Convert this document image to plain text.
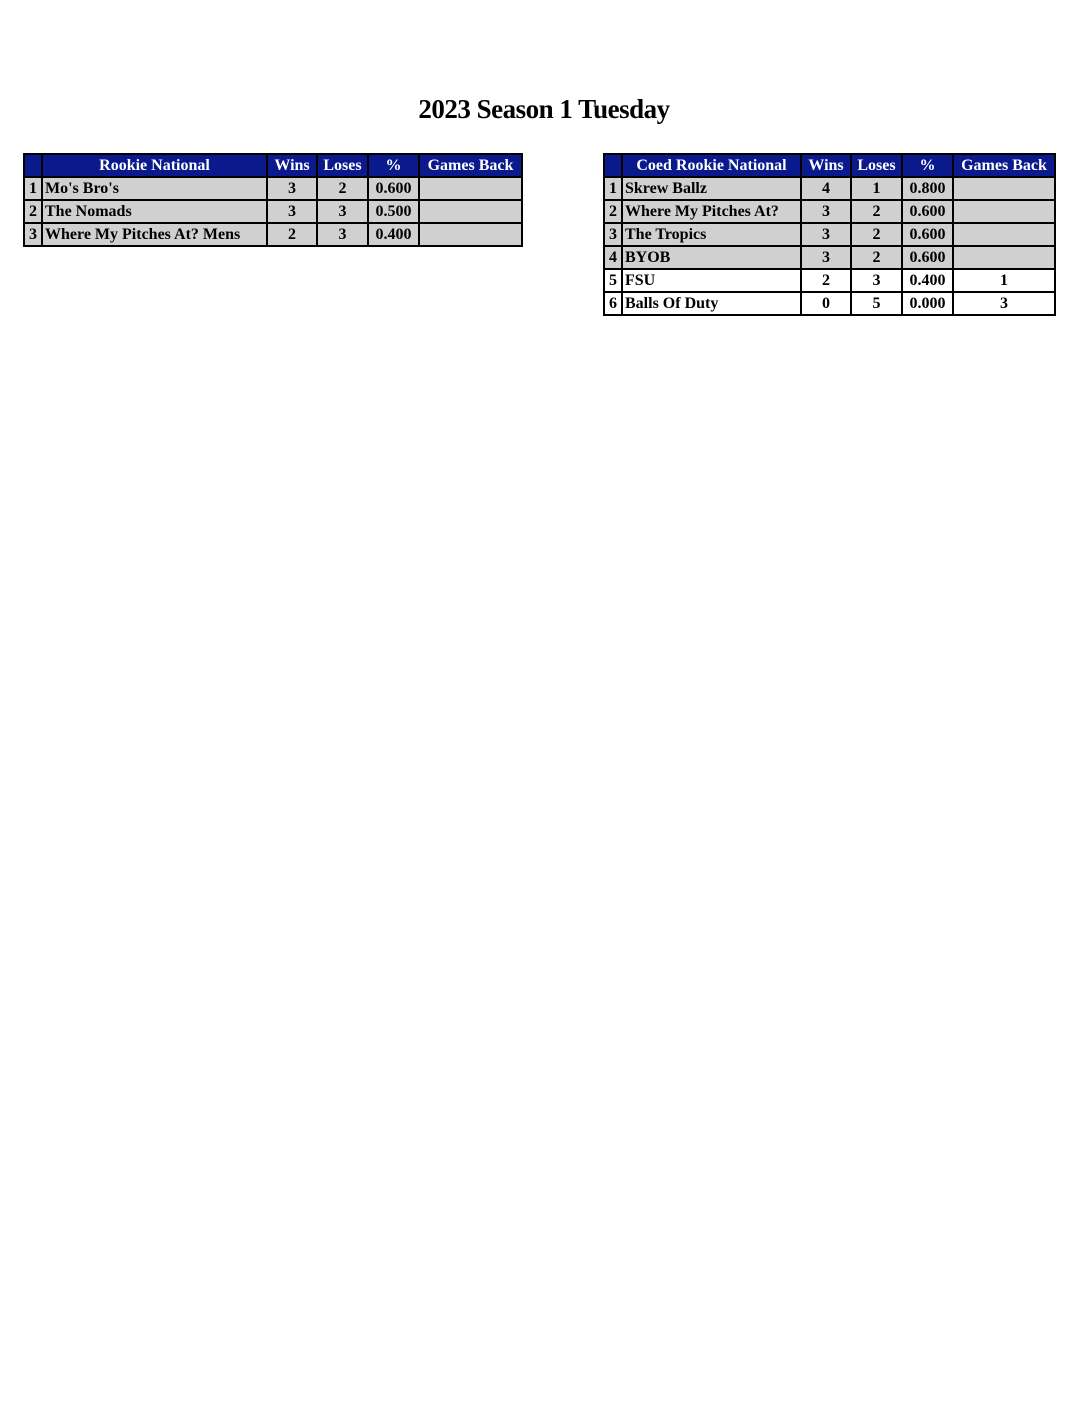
2023 Season 1 Tuesday
	Rookie National	Wins	Loses	%	Games Back
1	Mo's Bro's	3	2	0.600	
2	The Nomads	3	3	0.500	
3	Where My Pitches At? Mens	2	3	0.400	
	Coed Rookie National	Wins	Loses	%	Games Back
1	Skrew Ballz	4	1	0.800	
2	Where My Pitches At?	3	2	0.600	
3	The Tropics	3	2	0.600	
4	BYOB	3	2	0.600	
5	FSU	2	3	0.400	1
6	Balls Of Duty	0	5	0.000	3
